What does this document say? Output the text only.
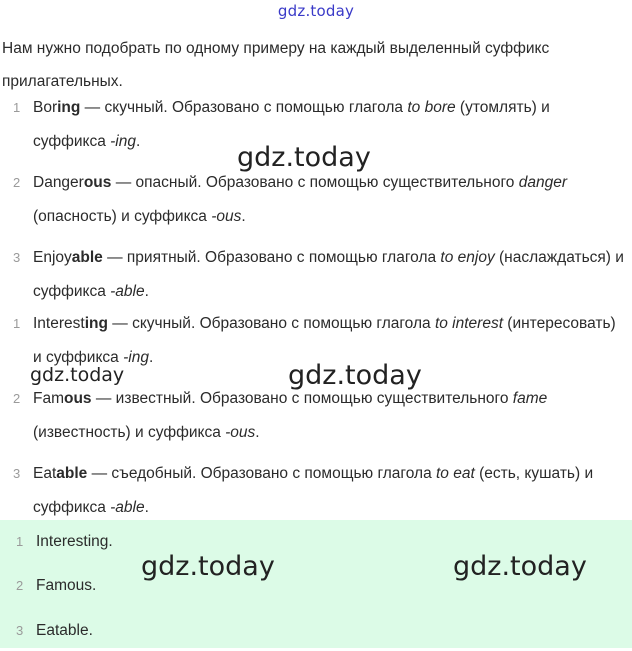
gdz.today
Нам нужно подобрать по одному примеру на каждый выделенный суффикс прилагательных.
1 Boring — скучный. Образовано с помощью глагола to bore (утомлять) и суффикса -ing.
2 Dangerous — опасный. Образовано с помощью существительного danger (опасность) и суффикса -ous.
3 Enjoyable — приятный. Образовано с помощью глагола to enjoy (наслаждаться) и суффикса -able.
1 Interesting — скучный. Образовано с помощью глагола to interest (интересовать) и суффикса -ing.
2 Famous — известный. Образовано с помощью существительного fame (известность) и суффикса -ous.
3 Eatable — съедобный. Образовано с помощью глагола to eat (есть, кушать) и суффикса -able.
1 Interesting.
2 Famous.
3 Eatable.
gdz.today
gdz.today	gdz.today
gdz.today	gdz.today
